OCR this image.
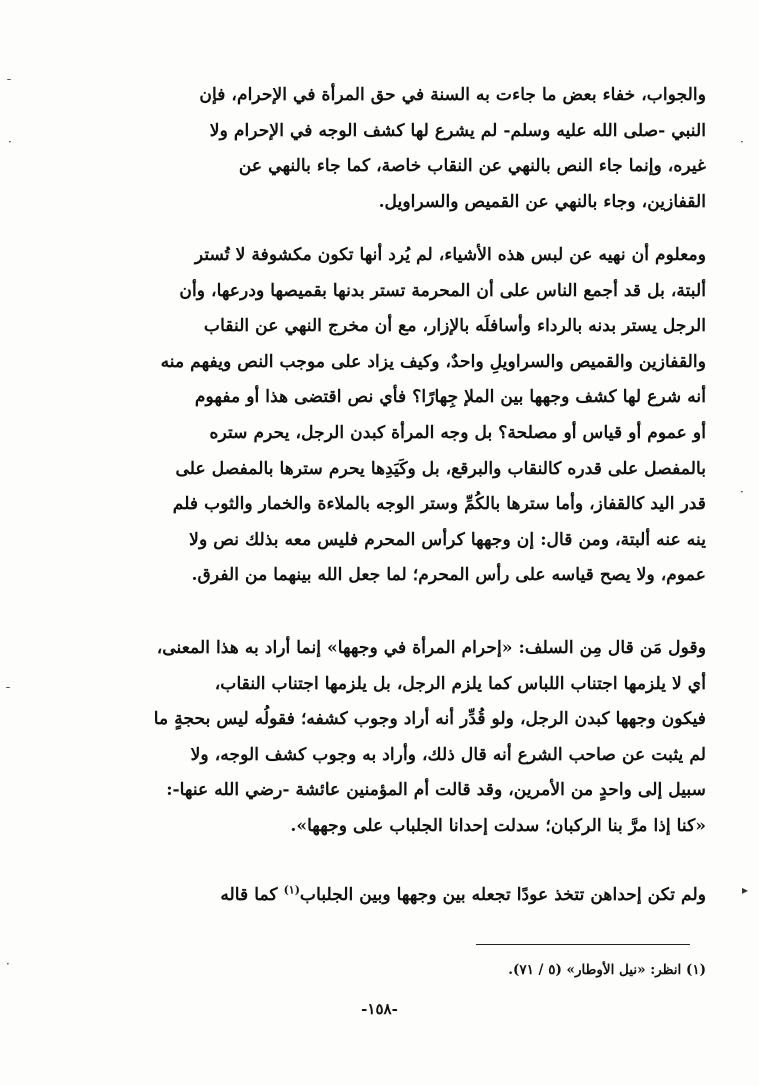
ˉ
·	·
·
ˉ
▸
·
والجواب، خفاء بعض ما جاءت به السنة في حق المرأة في الإحرام، فإن
النبي -صلى الله عليه وسلم- لم يشرع لها كشف الوجه في الإحرام ولا
غيره، وإنما جاء النص بالنهي عن النقاب خاصة، كما جاء بالنهي عن
القفازين، وجاء بالنهي عن القميص والسراويل.
ومعلوم أن نهيه عن لبس هذه الأشياء، لم يُرد أنها تكون مكشوفة لا تُستر
ألبتة، بل قد أجمع الناس على أن المحرمة تستر بدنها بقميصها ودرعها، وأن
الرجل يستر بدنه بالرداء وأسافلَه بالإزار، مع أن مخرج النهي عن النقاب
والقفازين والقميص والسراويلِ واحدٌ، وكيف يزاد على موجب النص ويفهم منه
أنه شرع لها كشف وجهها بين الملإ جِهارًا؟ فأي نص اقتضى هذا أو مفهوم
أو عموم أو قياس أو مصلحة؟ بل وجه المرأة كبدن الرجل، يحرم ستره
بالمفصل على قدره كالنقاب والبرقع، بل وكَيَدِها يحرم سترها بالمفصل على
قدر اليد كالقفاز، وأما سترها بالكُمِّ وستر الوجه بالملاءة والخمار والثوب فلم
ينه عنه ألبتة، ومن قال: إن وجهها كرأس المحرم فليس معه بذلك نص ولا
عموم، ولا يصح قياسه على رأس المحرم؛ لما جعل الله بينهما من الفرق.
وقول مَن قال مِن السلف: «إحرام المرأة في وجهها» إنما أراد به هذا المعنى،
أي لا يلزمها اجتناب اللباس كما يلزم الرجل، بل يلزمها اجتناب النقاب،
فيكون وجهها كبدن الرجل، ولو قُدِّر أنه أراد وجوب كشفه؛ فقولُه ليس بحجةٍ ما
لم يثبت عن صاحب الشرع أنه قال ذلك، وأراد به وجوب كشف الوجه، ولا
سبيل إلى واحدٍ من الأمرين، وقد قالت أم المؤمنين عائشة -رضي الله عنها-:
«كنا إذا مرَّ بنا الركبان؛ سدلت إحدانا الجلباب على وجهها».
ولم تكن إحداهن تتخذ عودًا تجعله بين وجهها وبين الجلباب$^{(١)}$ كما قاله
(١) انظر: «نيل الأوطار» (٥ / ٧١).
-١٥٨-
